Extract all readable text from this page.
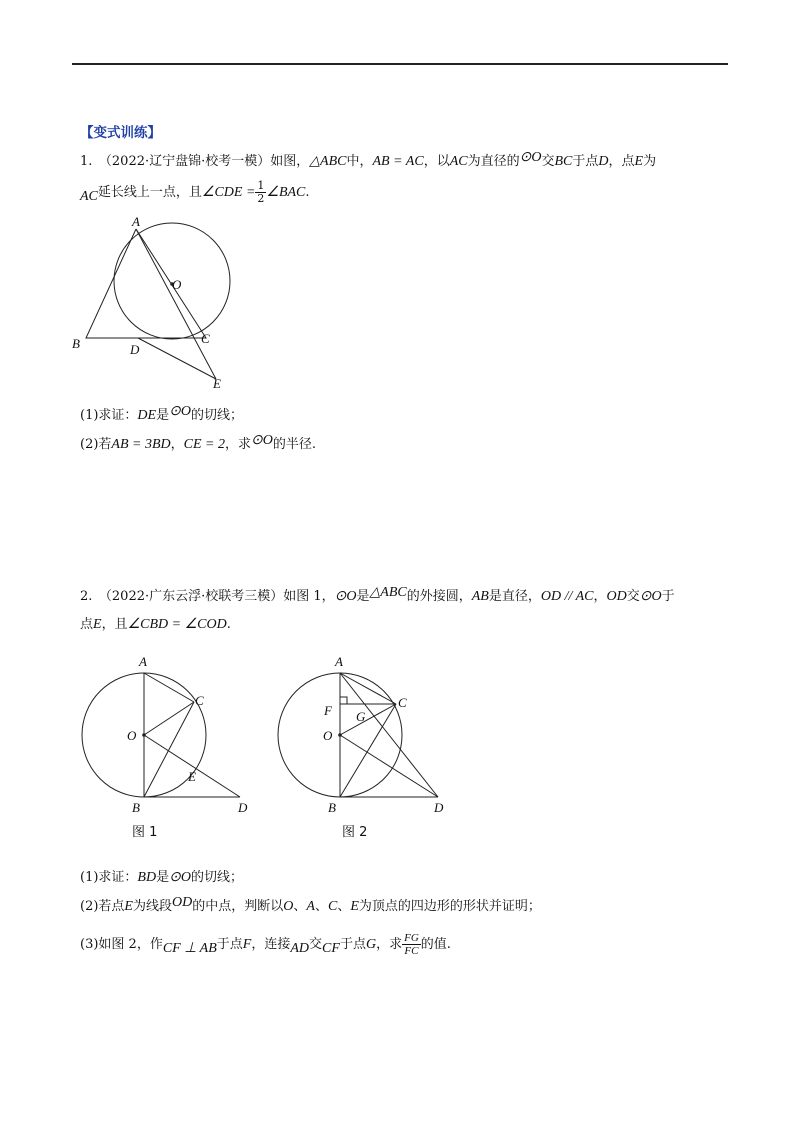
【变式训练】
1.　（2022·辽宁盘锦·校考一模）如图，△ABC中，AB = AC，以AC为直径的⊙O交BC于点D，点E为
AC延长线上一点，且∠CDE = $\frac{1}{2}$ ∠BAC.
A
O
B	D
C
E
(1)求证：DE是⊙O的切线；
(2)若AB = 3BD，CE = 2，求⊙O的半径.
2.　（2022·广东云浮·校联考三模）如图 1，⊙O是△ABC的外接圆，AB是直径，OD // AC，OD交⊙O于
点E，且∠CBD = ∠COD.
A
C
O
E
B	D
图 1
A
F G
C
O
B	D
图 2
(1)求证：BD是⊙O的切线；
(2)若点E为线段OD的中点，判断以O、A、C、E为顶点的四边形的形状并证明；
(3)如图 2，作CF ⊥ AB于点F，连接AD交CF于点G，求 $\frac{FG}{FC}$ 的值.
